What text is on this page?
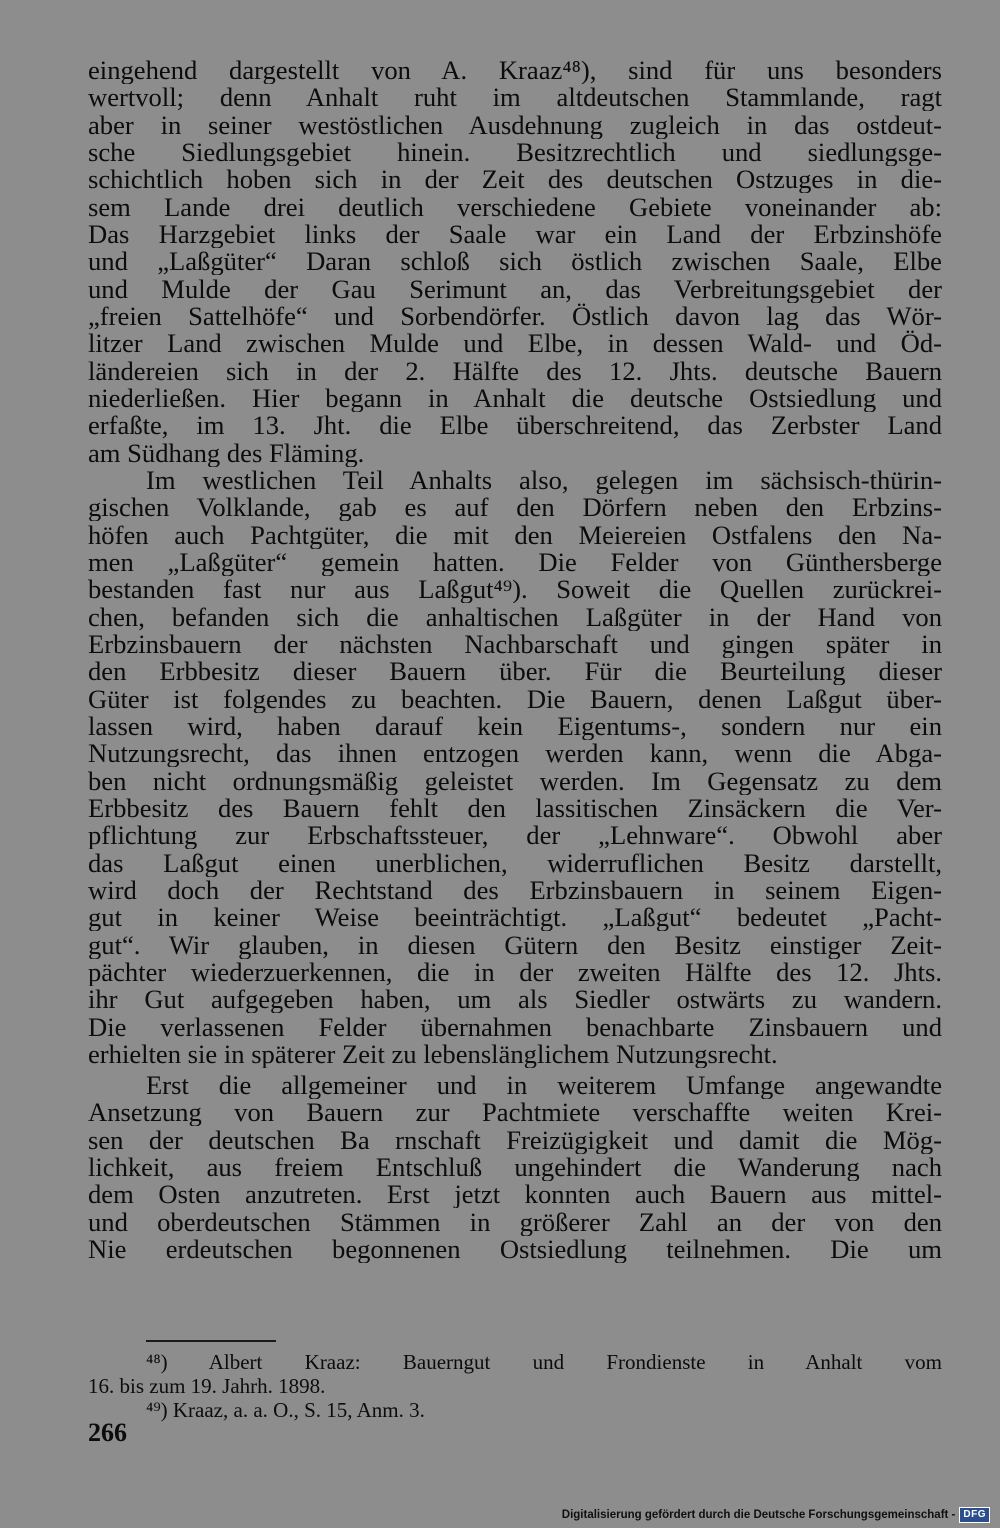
eingehend dargestellt von A. Kraaz⁴⁸), sind für uns besonders
wertvoll; denn Anhalt ruht im altdeutschen Stammlande, ragt
aber in seiner westöstlichen Ausdehnung zugleich in das ostdeut-
sche Siedlungsgebiet hinein. Besitzrechtlich und siedlungsge-
schichtlich hoben sich in der Zeit des deutschen Ostzuges in die-
sem Lande drei deutlich verschiedene Gebiete voneinander ab:
Das Harzgebiet links der Saale war ein Land der Erbzinshöfe
und „Laßgüter“ Daran schloß sich östlich zwischen Saale, Elbe
und Mulde der Gau Serimunt an, das Verbreitungsgebiet der
„freien Sattelhöfe“ und Sorbendörfer. Östlich davon lag das Wör-
litzer Land zwischen Mulde und Elbe, in dessen Wald- und Öd-
ländereien sich in der 2. Hälfte des 12. Jhts. deutsche Bauern
niederließen. Hier begann in Anhalt die deutsche Ostsiedlung und
erfaßte, im 13. Jht. die Elbe überschreitend, das Zerbster Land
am Südhang des Fläming.
Im westlichen Teil Anhalts also, gelegen im sächsisch-thürin-
gischen Volklande, gab es auf den Dörfern neben den Erbzins-
höfen auch Pachtgüter, die mit den Meiereien Ostfalens den Na-
men „Laßgüter“ gemein hatten. Die Felder von Günthersberge
bestanden fast nur aus Laßgut⁴⁹). Soweit die Quellen zurückrei-
chen, befanden sich die anhaltischen Laßgüter in der Hand von
Erbzinsbauern der nächsten Nachbarschaft und gingen später in
den Erbbesitz dieser Bauern über. Für die Beurteilung dieser
Güter ist folgendes zu beachten. Die Bauern, denen Laßgut über-
lassen wird, haben darauf kein Eigentums-, sondern nur ein
Nutzungsrecht, das ihnen entzogen werden kann, wenn die Abga-
ben nicht ordnungsmäßig geleistet werden. Im Gegensatz zu dem
Erbbesitz des Bauern fehlt den lassitischen Zinsäckern die Ver-
pflichtung zur Erbschaftssteuer, der „Lehnware“. Obwohl aber
das Laßgut einen unerblichen, widerruflichen Besitz darstellt,
wird doch der Rechtstand des Erbzinsbauern in seinem Eigen-
gut in keiner Weise beeinträchtigt. „Laßgut“ bedeutet „Pacht-
gut“. Wir glauben, in diesen Gütern den Besitz einstiger Zeit-
pächter wiederzuerkennen, die in der zweiten Hälfte des 12. Jhts.
ihr Gut aufgegeben haben, um als Siedler ostwärts zu wandern.
Die verlassenen Felder übernahmen benachbarte Zinsbauern und
erhielten sie in späterer Zeit zu lebenslänglichem Nutzungsrecht.
Erst die allgemeiner und in weiterem Umfange angewandte
Ansetzung von Bauern zur Pachtmiete verschaffte weiten Krei-
sen der deutschen Ba rnschaft Freizügigkeit und damit die Mög-
lichkeit, aus freiem Entschluß ungehindert die Wanderung nach
dem Osten anzutreten. Erst jetzt konnten auch Bauern aus mittel-
und oberdeutschen Stämmen in größerer Zahl an der von den
Nie erdeutschen begonnenen Ostsiedlung teilnehmen. Die um
⁴⁸) Albert Kraaz: Bauerngut und Frondienste in Anhalt vom
16. bis zum 19. Jahrh. 1898.
⁴⁹) Kraaz, a. a. O., S. 15, Anm. 3.
266
Digitalisierung gefördert durch die Deutsche Forschungsgemeinschaft - DFG
